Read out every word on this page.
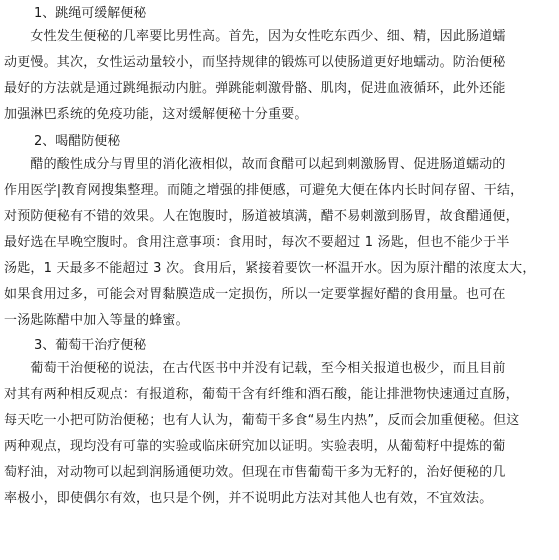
1、跳绳可缓解便秘
　　女性发生便秘的几率要比男性高。首先，因为女性吃东西少、细、精，因此肠道蠕
动更慢。其次，女性运动量较小，而坚持规律的锻炼可以使肠道更好地蠕动。防治便秘
最好的方法就是通过跳绳振动内脏。弹跳能刺激骨骼、肌肉，促进血液循环，此外还能
加强淋巴系统的免疫功能，这对缓解便秘十分重要。
2、喝醋防便秘
　　醋的酸性成分与胃里的消化液相似，故而食醋可以起到刺激肠胃、促进肠道蠕动的
作用医学|教育网搜集整理。而随之增强的排便感，可避免大便在体内长时间存留、干结，
对预防便秘有不错的效果。人在饱腹时，肠道被填满，醋不易刺激到肠胃，故食醋通便，
最好选在早晚空腹时。食用注意事项：食用时，每次不要超过 1 汤匙，但也不能少于半
汤匙，1 天最多不能超过 3 次。食用后，紧接着要饮一杯温开水。因为原汁醋的浓度太大，
如果食用过多，可能会对胃黏膜造成一定损伤，所以一定要掌握好醋的食用量。也可在
一汤匙陈醋中加入等量的蜂蜜。
3、葡萄干治疗便秘
　　葡萄干治便秘的说法，在古代医书中并没有记载，至今相关报道也极少，而且目前
对其有两种相反观点：有报道称，葡萄干含有纤维和酒石酸，能让排泄物快速通过直肠，
每天吃一小把可防治便秘；也有人认为，葡萄干多食“易生内热”，反而会加重便秘。但这
两种观点，现均没有可靠的实验或临床研究加以证明。实验表明，从葡萄籽中提炼的葡
萄籽油，对动物可以起到润肠通便功效。但现在市售葡萄干多为无籽的，治好便秘的几
率极小，即使偶尔有效，也只是个例，并不说明此方法对其他人也有效，不宜效法。
